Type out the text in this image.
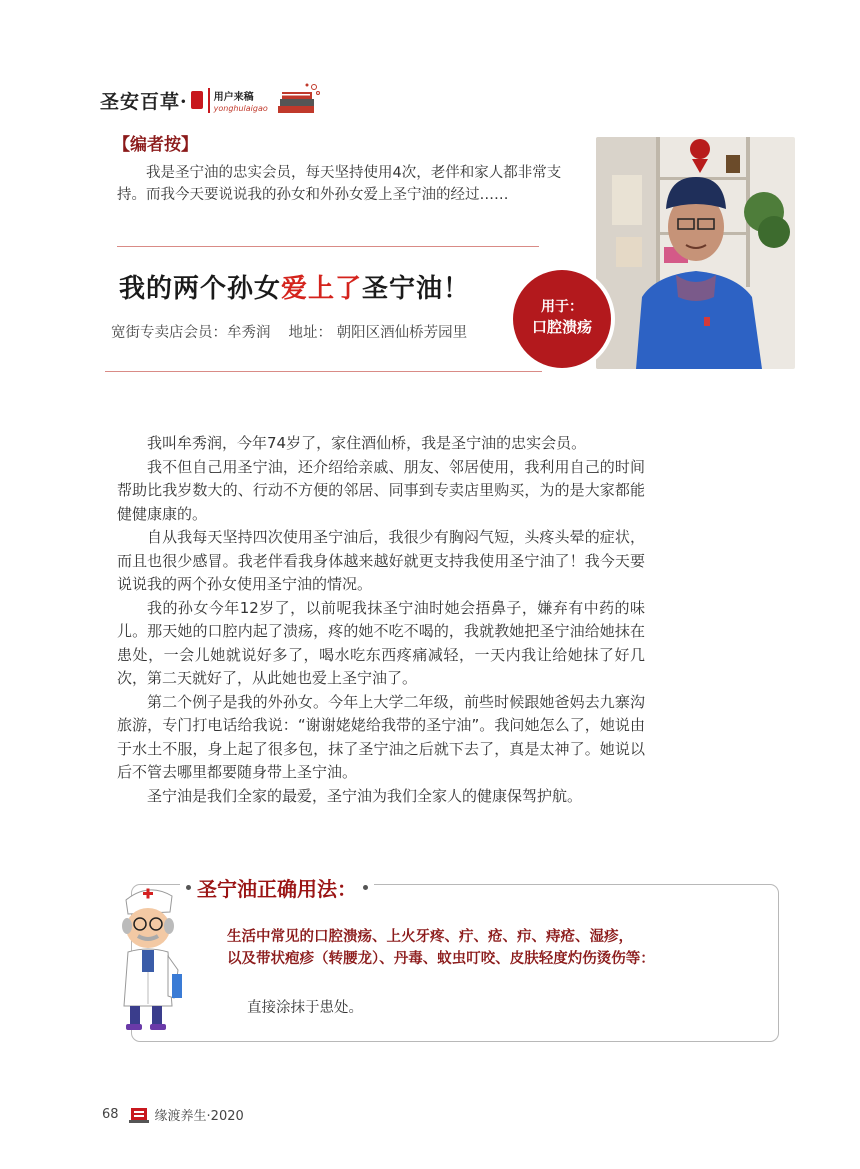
圣安百草·	用户来稿
yonghulaigao
【编者按】
我是圣宁油的忠实会员，每天坚持使用4次，老伴和家人都非常支持。而我今天要说说我的孙女和外孙女爱上圣宁油的经过……
我的两个孙女爱上了圣宁油！
宽街专卖店会员：牟秀润 地址： 朝阳区酒仙桥芳园里
用于：
口腔溃疡

我叫牟秀润，今年74岁了，家住酒仙桥，我是圣宁油的忠实会员。

我不但自己用圣宁油，还介绍给亲戚、朋友、邻居使用，我利用自己的时间帮助比我岁数大的、行动不方便的邻居、同事到专卖店里购买，为的是大家都能健健康康的。

自从我每天坚持四次使用圣宁油后，我很少有胸闷气短，头疼头晕的症状，而且也很少感冒。我老伴看我身体越来越好就更支持我使用圣宁油了！我今天要说说我的两个孙女使用圣宁油的情况。

我的孙女今年12岁了，以前呢我抹圣宁油时她会捂鼻子，嫌弃有中药的味儿。那天她的口腔内起了溃疡，疼的她不吃不喝的，我就教她把圣宁油给她抹在患处，一会儿她就说好多了，喝水吃东西疼痛减轻，一天内我让给她抹了好几次，第二天就好了，从此她也爱上圣宁油了。

第二个例子是我的外孙女。今年上大学二年级，前些时候跟她爸妈去九寨沟旅游，专门打电话给我说：“谢谢姥姥给我带的圣宁油”。我问她怎么了，她说由于水土不服，身上起了很多包，抹了圣宁油之后就下去了，真是太神了。她说以后不管去哪里都要随身带上圣宁油。

圣宁油是我们全家的最爱，圣宁油为我们全家人的健康保驾护航。

圣宁油正确用法：
生活中常见的口腔溃疡、上火牙疼、疔、疮、疖、痔疮、湿疹，
以及带状疱疹（转腰龙）、丹毒、蚊虫叮咬、皮肤轻度灼伤烫伤等：
直接涂抹于患处。
68	缘渡养生·2020
